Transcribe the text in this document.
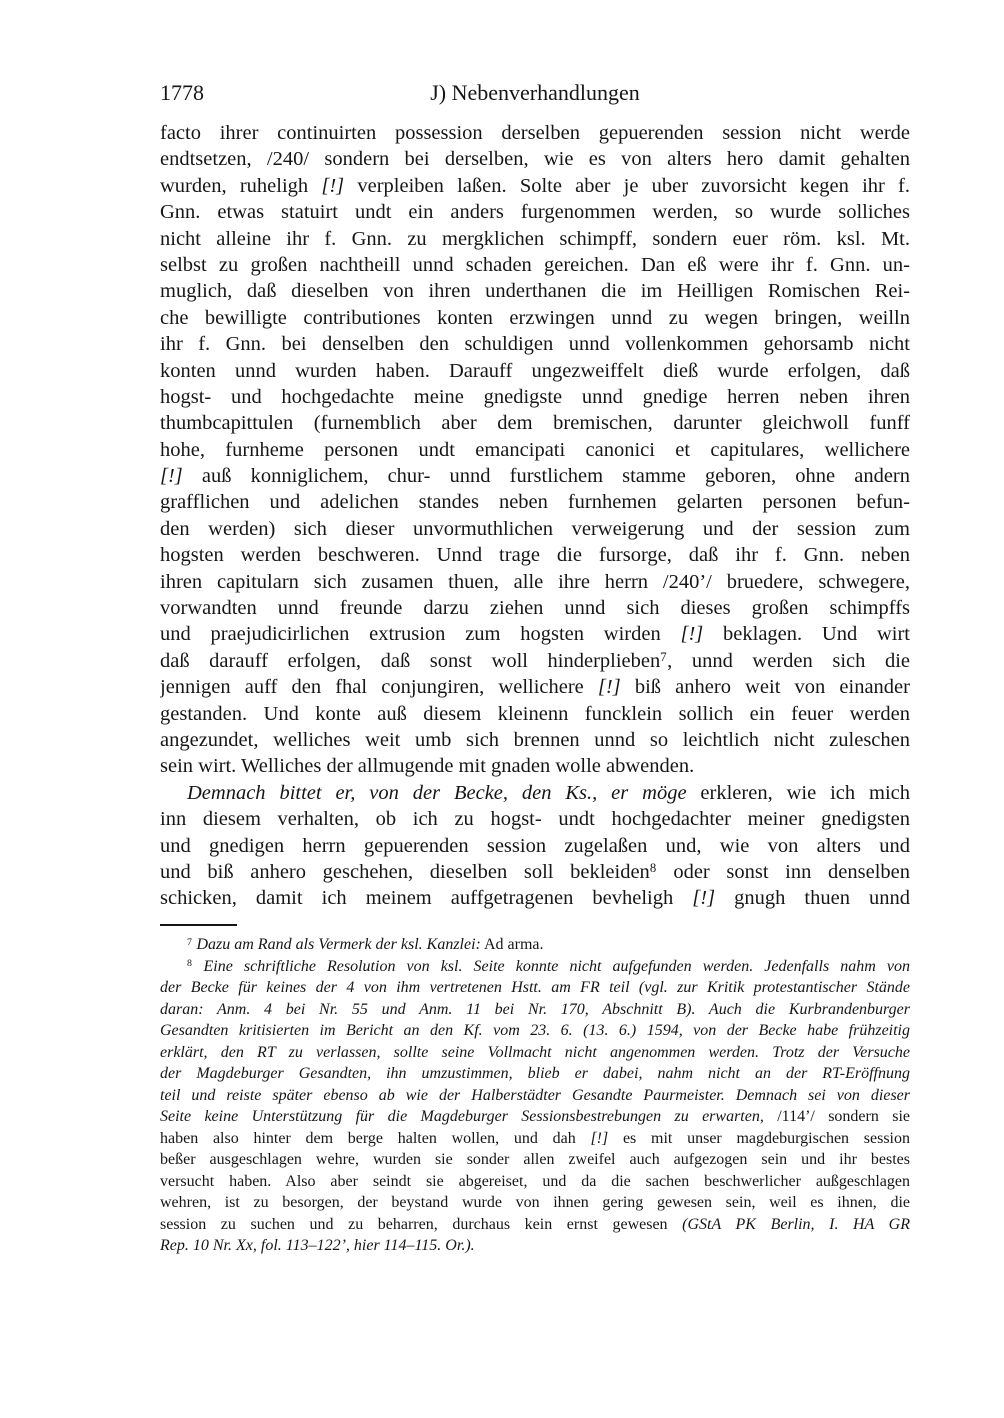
1778	J) Nebenverhandlungen
facto ihrer continuirten possession derselben gepuerenden session nicht werde
endtsetzen, /240/ sondern bei derselben, wie es von alters hero damit gehalten
wurden, ruheligh [!] verpleiben laßen. Solte aber je uber zuvorsicht kegen ihr f.
Gnn. etwas statuirt undt ein anders furgenommen werden, so wurde solliches
nicht alleine ihr f. Gnn. zu mergklichen schimpff, sondern euer röm. ksl. Mt.
selbst zu großen nachtheill unnd schaden gereichen. Dan eß were ihr f. Gnn. un-
muglich, daß dieselben von ihren underthanen die im Heilligen Romischen Rei-
che bewilligte contributiones konten erzwingen unnd zu wegen bringen, weilln
ihr f. Gnn. bei denselben den schuldigen unnd vollenkommen gehorsamb nicht
konten unnd wurden haben. Darauff ungezweiffelt dieß wurde erfolgen, daß
hogst- und hochgedachte meine gnedigste unnd gnedige herren neben ihren
thumbcapittulen (furnemblich aber dem bremischen, darunter gleichwoll funff
hohe, furnheme personen undt emancipati canonici et capitulares, wellichere
[!] auß konniglichem, chur- unnd furstlichem stamme geboren, ohne andern
grafflichen und adelichen standes neben furnhemen gelarten personen befun-
den werden) sich dieser unvormuthlichen verweigerung und der session zum
hogsten werden beschweren. Unnd trage die fursorge, daß ihr f. Gnn. neben
ihren capitularn sich zusamen thuen, alle ihre herrn /240’/ bruedere, schwegere,
vorwandten unnd freunde darzu ziehen unnd sich dieses großen schimpffs
und praejudicirlichen extrusion zum hogsten wirden [!] beklagen. Und wirt
daß darauff erfolgen, daß sonst woll hinderplieben$^7$, unnd werden sich die
jennigen auff den fhal conjungiren, wellichere [!] biß anhero weit von einander
gestanden. Und konte auß diesem kleinenn funcklein sollich ein feuer werden
angezundet, welliches weit umb sich brennen unnd so leichtlich nicht zuleschen
sein wirt. Welliches der allmugende mit gnaden wolle abwenden.
Demnach bittet er, von der Becke, den Ks., er möge erkleren, wie ich mich
inn diesem verhalten, ob ich zu hogst- undt hochgedachter meiner gnedigsten
und gnedigen herrn gepuerenden session zugelaßen und, wie von alters und
und biß anhero geschehen, dieselben soll bekleiden$^8$ oder sonst inn denselben
schicken, damit ich meinem auffgetragenen bevheligh [!] gnugh thuen unnd
$^7$ Dazu am Rand als Vermerk der ksl. Kanzlei: Ad arma.
$^8$ Eine schriftliche Resolution von ksl. Seite konnte nicht aufgefunden werden. Jedenfalls nahm von
der Becke für keines der 4 von ihm vertretenen Hstt. am FR teil (vgl. zur Kritik protestantischer Stände
daran: Anm. 4 bei Nr. 55 und Anm. 11 bei Nr. 170, Abschnitt B). Auch die Kurbrandenburger
Gesandten kritisierten im Bericht an den Kf. vom 23. 6. (13. 6.) 1594, von der Becke habe frühzeitig
erklärt, den RT zu verlassen, sollte seine Vollmacht nicht angenommen werden. Trotz der Versuche
der Magdeburger Gesandten, ihn umzustimmen, blieb er dabei, nahm nicht an der RT-Eröffnung
teil und reiste später ebenso ab wie der Halberstädter Gesandte Paurmeister. Demnach sei von dieser
Seite keine Unterstützung für die Magdeburger Sessionsbestrebungen zu erwarten, /114’/ sondern sie
haben also hinter dem berge halten wollen, und dah [!] es mit unser magdeburgischen session
beßer ausgeschlagen wehre, wurden sie sonder allen zweifel auch aufgezogen sein und ihr bestes
versucht haben. Also aber seindt sie abgereiset, und da die sachen beschwerlicher außgeschlagen
wehren, ist zu besorgen, der beystand wurde von ihnen gering gewesen sein, weil es ihnen, die
session zu suchen und zu beharren, durchaus kein ernst gewesen (GStA PK Berlin, I. HA GR
Rep. 10 Nr. Xx, fol. 113–122’, hier 114–115. Or.).
